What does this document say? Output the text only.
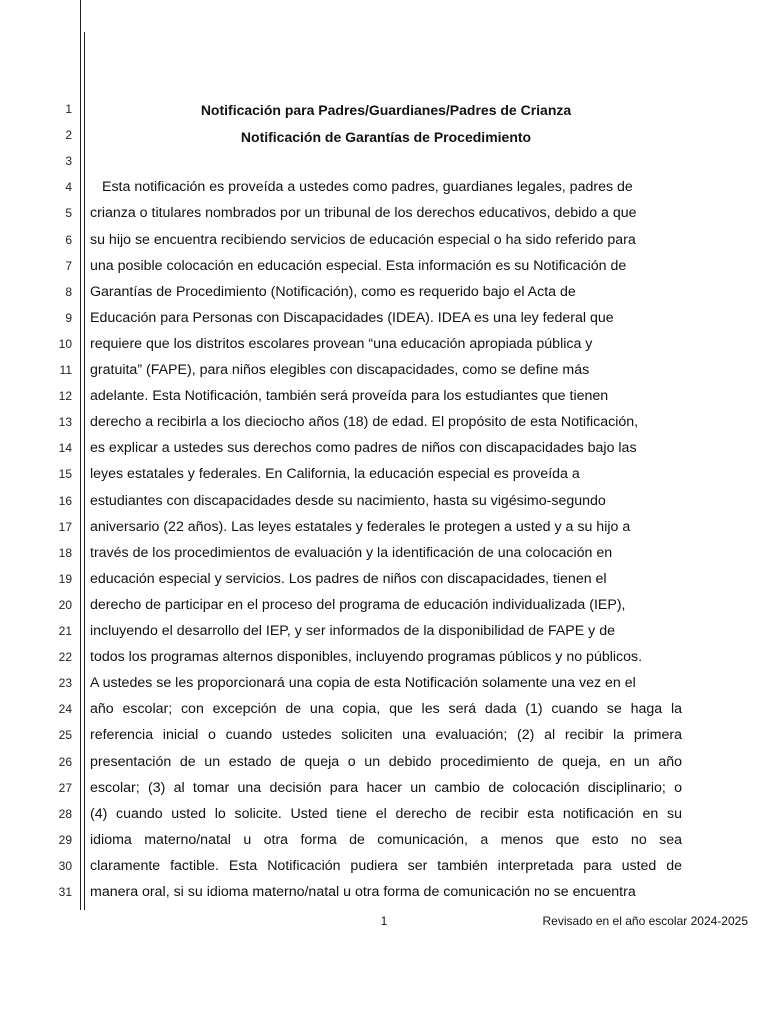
1
2
3
4
5
6
7
8
9
10
11
12
13
14
15
16
17
18
19
20
21
22
23
24
25
26
27
28
29
30
31
Notificación para Padres/Guardianes/Padres de Crianza
Notificación de Garantías de Procedimiento
Esta notificación es proveída a ustedes como padres, guardianes legales, padres de
crianza o titulares nombrados por un tribunal de los derechos educativos, debido a que
su hijo se encuentra recibiendo servicios de educación especial o ha sido referido para
una posible colocación en educación especial. Esta información es su Notificación de
Garantías de Procedimiento (Notificación), como es requerido bajo el Acta de
Educación para Personas con Discapacidades (IDEA). IDEA es una ley federal que
requiere que los distritos escolares provean “una educación apropiada pública y
gratuita” (FAPE), para niños elegibles con discapacidades, como se define más
adelante. Esta Notificación, también será proveída para los estudiantes que tienen
derecho a recibirla a los dieciocho años (18) de edad. El propósito de esta Notificación,
es explicar a ustedes sus derechos como padres de niños con discapacidades bajo las
leyes estatales y federales. En California, la educación especial es proveída a
estudiantes con discapacidades desde su nacimiento, hasta su vigésimo-segundo
aniversario (22 años). Las leyes estatales y federales le protegen a usted y a su hijo a
través de los procedimientos de evaluación y la identificación de una colocación en
educación especial y servicios. Los padres de niños con discapacidades, tienen el
derecho de participar en el proceso del programa de educación individualizada (IEP),
incluyendo el desarrollo del IEP, y ser informados de la disponibilidad de FAPE y de
todos los programas alternos disponibles, incluyendo programas públicos y no públicos.
A ustedes se les proporcionará una copia de esta Notificación solamente una vez en el
año escolar; con excepción de una copia, que les será dada (1) cuando se haga la
referencia inicial o cuando ustedes soliciten una evaluación; (2) al recibir la primera
presentación de un estado de queja o un debido procedimiento de queja, en un año
escolar; (3) al tomar una decisión para hacer un cambio de colocación disciplinario; o
(4) cuando usted lo solicite. Usted tiene el derecho de recibir esta notificación en su
idioma materno/natal u otra forma de comunicación, a menos que esto no sea
claramente factible. Esta Notificación pudiera ser también interpretada para usted de
manera oral, si su idioma materno/natal u otra forma de comunicación no se encuentra
1	Revisado en el año escolar 2024-2025
